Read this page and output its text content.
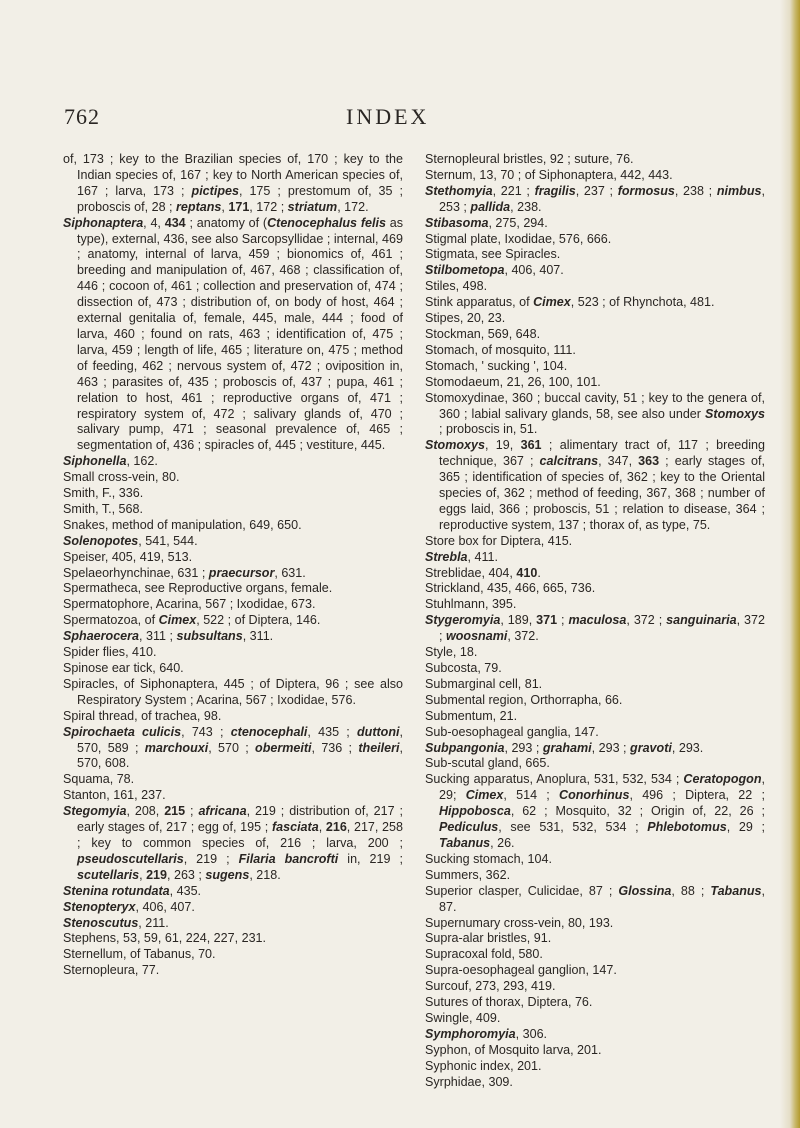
762	INDEX
of, 173 ; key to the Brazilian species of, 170 ; key to the Indian species of, 167 ; key to North American species of, 167 ; larva, 173 ; pictipes, 175 ; prestomum of, 35 ; proboscis of, 28 ; reptans, 171, 172 ; striatum, 172.
Siphonaptera, 4, 434 ; anatomy of (Ctenocephalus felis as type), external, 436, see also Sarcopsyllidae ; internal, 469 ; anatomy, internal of larva, 459 ; bionomics of, 461 ; breeding and manipulation of, 467, 468 ; classification of, 446 ; cocoon of, 461 ; collection and preservation of, 474 ; dissection of, 473 ; distribution of, on body of host, 464 ; external genitalia of, female, 445, male, 444 ; food of larva, 460 ; found on rats, 463 ; identification of, 475 ; larva, 459 ; length of life, 465 ; literature on, 475 ; method of feeding, 462 ; nervous system of, 472 ; oviposition in, 463 ; parasites of, 435 ; proboscis of, 437 ; pupa, 461 ; relation to host, 461 ; reproductive organs of, 471 ; respiratory system of, 472 ; salivary glands of, 470 ; salivary pump, 471 ; seasonal prevalence of, 465 ; segmentation of, 436 ; spiracles of, 445 ; vestiture, 445.
Siphonella, 162.
Small cross-vein, 80.
Smith, F., 336.
Smith, T., 568.
Snakes, method of manipulation, 649, 650.
Solenopotes, 541, 544.
Speiser, 405, 419, 513.
Spelaeorhynchinae, 631 ; praecursor, 631.
Spermatheca, see Reproductive organs, female.
Spermatophore, Acarina, 567 ; Ixodidae, 673.
Spermatozoa, of Cimex, 522 ; of Diptera, 146.
Sphaerocera, 311 ; subsultans, 311.
Spider flies, 410.
Spinose ear tick, 640.
Spiracles, of Siphonaptera, 445 ; of Diptera, 96 ; see also Respiratory System ; Acarina, 567 ; Ixodidae, 576.
Spiral thread, of trachea, 98.
Spirochaeta culicis, 743 ; ctenocephali, 435 ; duttoni, 570, 589 ; marchouxi, 570 ; obermeiti, 736 ; theileri, 570, 608.
Squama, 78.
Stanton, 161, 237.
Stegomyia, 208, 215 ; africana, 219 ; distribution of, 217 ; early stages of, 217 ; egg of, 195 ; fasciata, 216, 217, 258 ; key to common species of, 216 ; larva, 200 ; pseudoscutellaris, 219 ; Filaria bancrofti in, 219 ; scutellaris, 219, 263 ; sugens, 218.
Stenina rotundata, 435.
Stenopteryx, 406, 407.
Stenoscutus, 211.
Stephens, 53, 59, 61, 224, 227, 231.
Sternellum, of Tabanus, 70.
Sternopleura, 77.
Sternopleural bristles, 92 ; suture, 76.
Sternum, 13, 70 ; of Siphonaptera, 442, 443.
Stethomyia, 221 ; fragilis, 237 ; formosus, 238 ; nimbus, 253 ; pallida, 238.
Stibasoma, 275, 294.
Stigmal plate, Ixodidae, 576, 666.
Stigmata, see Spiracles.
Stilbometopa, 406, 407.
Stiles, 498.
Stink apparatus, of Cimex, 523 ; of Rhynchota, 481.
Stipes, 20, 23.
Stockman, 569, 648.
Stomach, of mosquito, 111.
Stomach, ' sucking ', 104.
Stomodaeum, 21, 26, 100, 101.
Stomoxydinae, 360 ; buccal cavity, 51 ; key to the genera of, 360 ; labial salivary glands, 58, see also under Stomoxys ; proboscis in, 51.
Stomoxys, 19, 361 ; alimentary tract of, 117 ; breeding technique, 367 ; calcitrans, 347, 363 ; early stages of, 365 ; identification of species of, 362 ; key to the Oriental species of, 362 ; method of feeding, 367, 368 ; number of eggs laid, 366 ; proboscis, 51 ; relation to disease, 364 ; reproductive system, 137 ; thorax of, as type, 75.
Store box for Diptera, 415.
Strebla, 411.
Streblidae, 404, 410.
Strickland, 435, 466, 665, 736.
Stuhlmann, 395.
Stygeromyia, 189, 371 ; maculosa, 372 ; sanguinaria, 372 ; woosnami, 372.
Style, 18.
Subcosta, 79.
Submarginal cell, 81.
Submental region, Orthorrapha, 66.
Submentum, 21.
Sub-oesophageal ganglia, 147.
Subpangonia, 293 ; grahami, 293 ; gravoti, 293.
Sub-scutal gland, 665.
Sucking apparatus, Anoplura, 531, 532, 534 ; Ceratopogon, 29; Cimex, 514 ; Conorhinus, 496 ; Diptera, 22 ; Hippobosca, 62 ; Mosquito, 32 ; Origin of, 22, 26 ; Pediculus, see 531, 532, 534 ; Phlebotomus, 29 ; Tabanus, 26.
Sucking stomach, 104.
Summers, 362.
Superior clasper, Culicidae, 87 ; Glossina, 88 ; Tabanus, 87.
Supernumary cross-vein, 80, 193.
Supra-alar bristles, 91.
Supracoxal fold, 580.
Supra-oesophageal ganglion, 147.
Surcouf, 273, 293, 419.
Sutures of thorax, Diptera, 76.
Swingle, 409.
Symphoromyia, 306.
Syphon, of Mosquito larva, 201.
Syphonic index, 201.
Syrphidae, 309.
